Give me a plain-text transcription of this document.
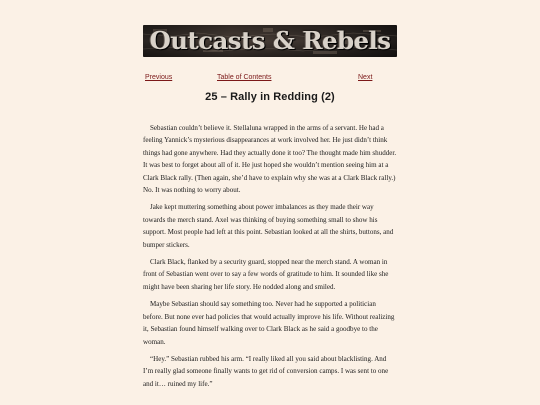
Outcasts & Rebels
Previous	Table of Contents	Next
25 – Rally in Redding (2)

Sebastian couldn’t believe it. Stellaluna wrapped in the arms of a servant. He had a feeling Yannick’s mysterious disappearances at work involved her. He just didn’t think things had gone anywhere. Had they actually done it too? The thought made him shudder. It was best to forget about all of it. He just hoped she wouldn’t mention seeing him at a Clark Black rally. (Then again, she’d have to explain why she was at a Clark Black rally.) No. It was nothing to worry about.

Jake kept muttering something about power imbalances as they made their way towards the merch stand. Axel was thinking of buying something small to show his support. Most people had left at this point. Sebastian looked at all the shirts, buttons, and bumper stickers.

Clark Black, flanked by a security guard, stopped near the merch stand. A woman in front of Sebastian went over to say a few words of gratitude to him. It sounded like she might have been sharing her life story. He nodded along and smiled.

Maybe Sebastian should say something too. Never had he supported a politician before. But none ever had policies that would actually improve his life. Without realizing it, Sebastian found himself walking over to Clark Black as he said a goodbye to the woman.

“Hey.” Sebastian rubbed his arm. “I really liked all you said about blacklisting. And I’m really glad someone finally wants to get rid of conversion camps. I was sent to one and it… ruined my life.”
